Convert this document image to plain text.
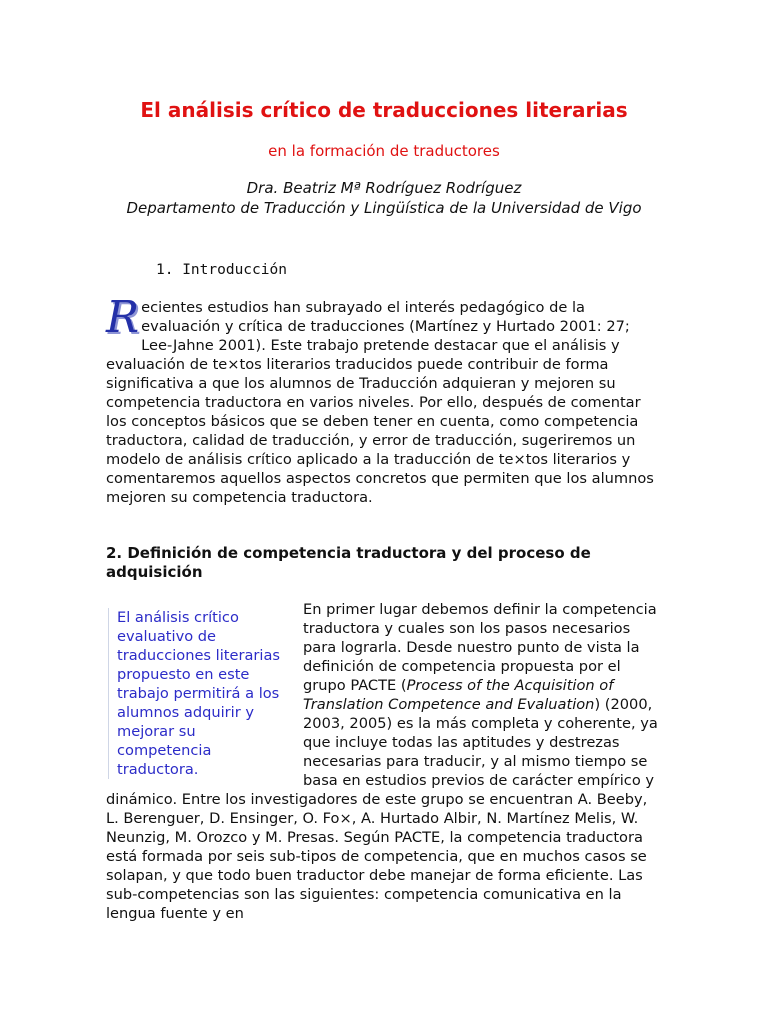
El análisis crítico de traducciones literarias
en la formación de traductores
Dra. Beatriz Mª Rodríguez Rodríguez
Departamento de Traducción y Lingüística de la Universidad de Vigo
1. Introducción
R ecientes estudios han subrayado el interés pedagógico de la evaluación y crítica de traducciones (Martínez y Hurtado 2001: 27; Lee-Jahne 2001). Este trabajo pretende destacar que el análisis y evaluación de te×tos literarios traducidos puede contribuir de forma significativa a que los alumnos de Traducción adquieran y mejoren su competencia traductora en varios niveles. Por ello, después de comentar los conceptos básicos que se deben tener en cuenta, como competencia traductora, calidad de traducción, y error de traducción, sugeriremos un modelo de análisis crítico aplicado a la traducción de te×tos literarios y comentaremos aquellos aspectos concretos que permiten que los alumnos mejoren su competencia traductora.
2. Definición de competencia traductora y del proceso de adquisición
El análisis crítico evaluativo de traducciones literarias propuesto en este trabajo permitirá a los alumnos adquirir y mejorar su competencia traductora.
En primer lugar debemos definir la competencia traductora y cuales son los pasos necesarios para lograrla. Desde nuestro punto de vista la definición de competencia propuesta por el grupo PACTE (Process of the Acquisition of Translation Competence and Evaluation) (2000, 2003, 2005) es la más completa y coherente, ya que incluye todas las aptitudes y destrezas necesarias para traducir, y al mismo tiempo se basa en estudios previos de carácter empírico y dinámico. Entre los investigadores de este grupo se encuentran A. Beeby, L. Berenguer, D. Ensinger, O. Fo×, A. Hurtado Albir, N. Martínez Melis, W. Neunzig, M. Orozco y M. Presas. Según PACTE, la competencia traductora está formada por seis sub-tipos de competencia, que en muchos casos se solapan, y que todo buen traductor debe manejar de forma eficiente. Las sub-competencias son las siguientes: competencia comunicativa en la lengua fuente y en
